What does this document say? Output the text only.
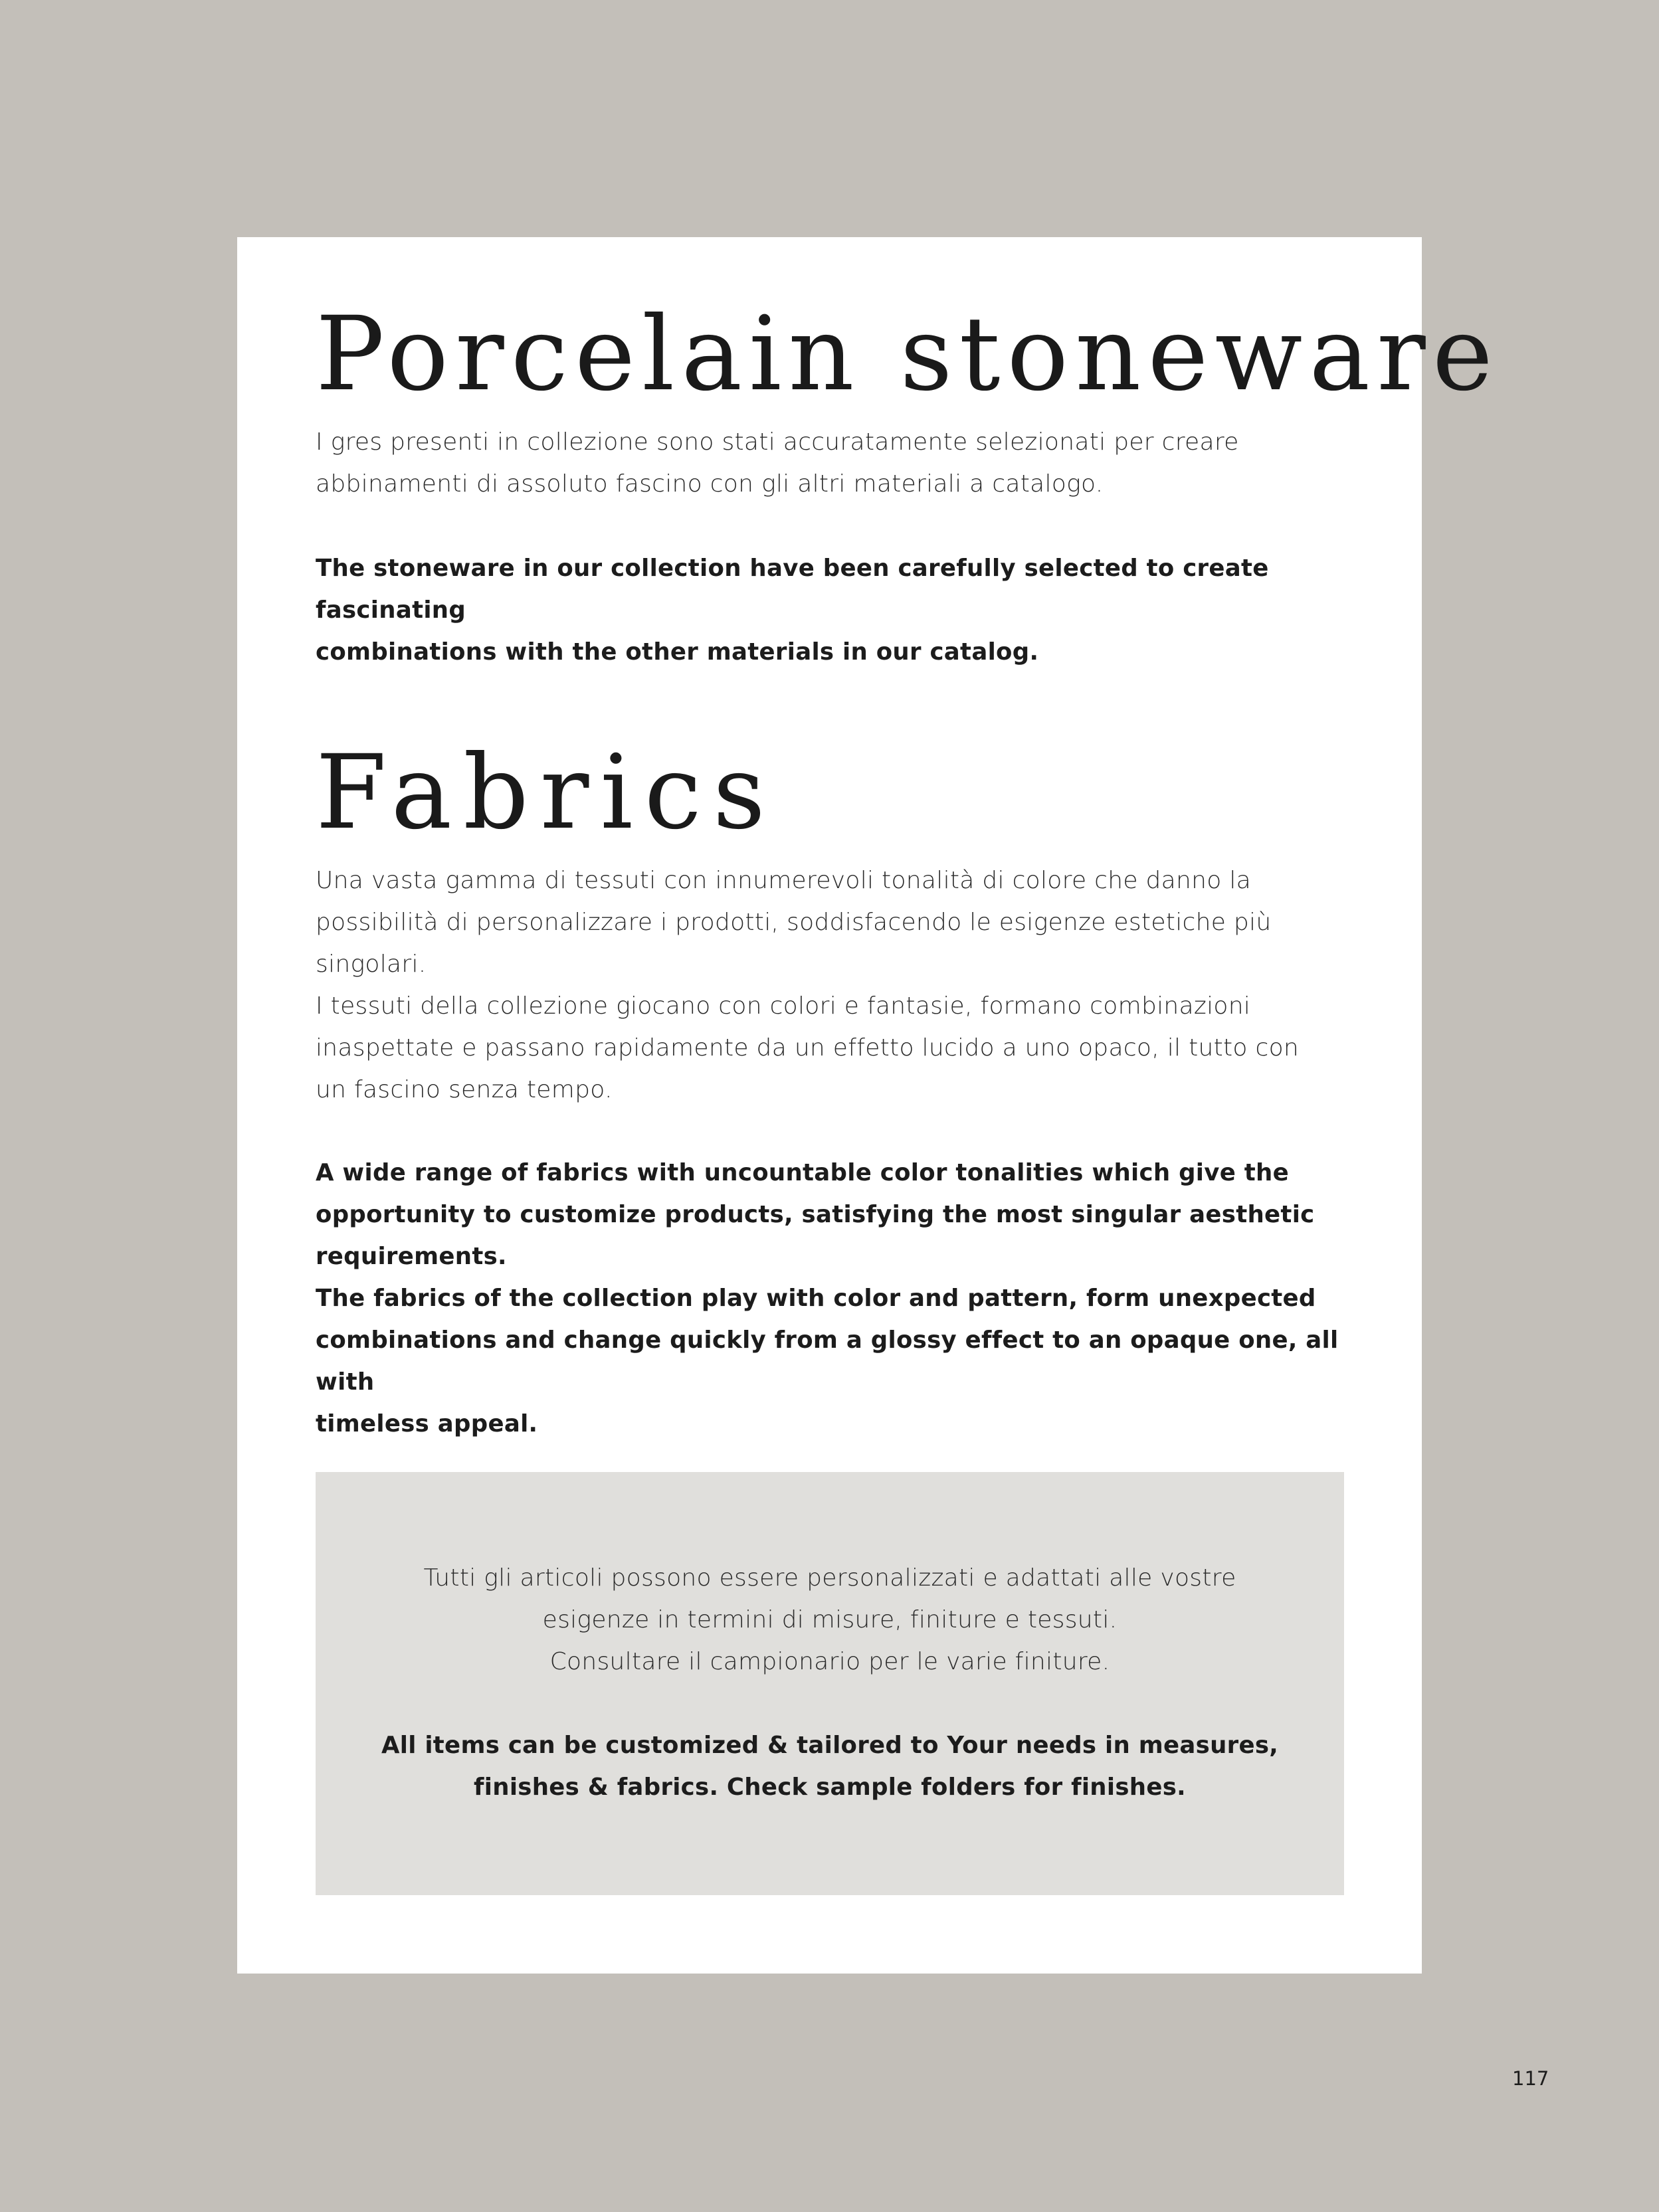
Porcelain stoneware

I gres presenti in collezione sono stati accuratamente selezionati per creare
abbinamenti di assoluto fascino con gli altri materiali a catalogo.

The stoneware in our collection have been carefully selected to create fascinating
combinations with the other materials in our catalog.

Fabrics

Una vasta gamma di tessuti con innumerevoli tonalità di colore che danno la
possibilità di personalizzare i prodotti, soddisfacendo le esigenze estetiche più
singolari.
I tessuti della collezione giocano con colori e fantasie, formano combinazioni
inaspettate e passano rapidamente da un effetto lucido a uno opaco, il tutto con
un fascino senza tempo.

A wide range of fabrics with uncountable color tonalities which give the
opportunity to customize products, satisfying the most singular aesthetic
requirements.
The fabrics of the collection play with color and pattern, form unexpected
combinations and change quickly from a glossy effect to an opaque one, all with
timeless appeal.

Tutti gli articoli possono essere personalizzati e adattati alle vostre
esigenze in termini di misure, finiture e tessuti.
Consultare il campionario per le varie finiture.

All items can be customized & tailored to Your needs in measures,
finishes & fabrics. Check sample folders for finishes.

117
